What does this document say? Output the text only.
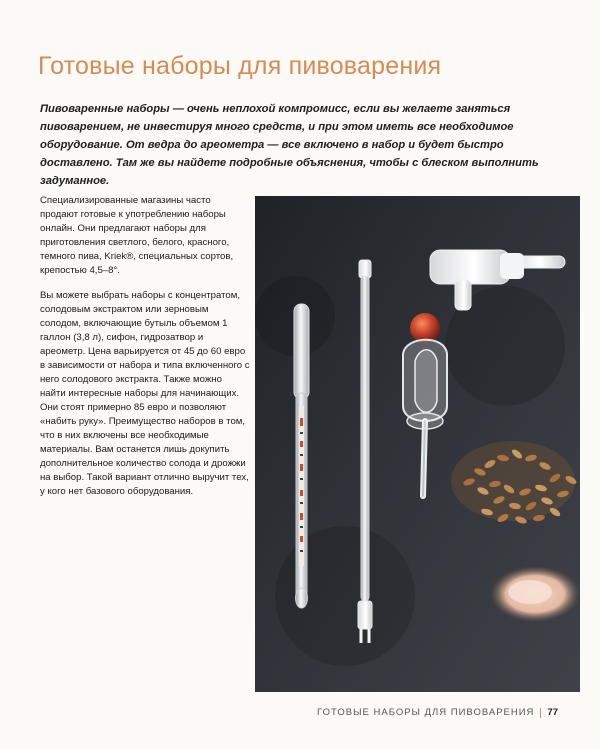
Готовые наборы для пивоварения
Пивоваренные наборы — очень неплохой компромисс, если вы желаете заняться пивоварением, не инвестируя много средств, и при этом иметь все необходимое оборудование. От ведра до ареометра — все включено в набор и будет быстро доставлено. Там же вы найдете подробные объяснения, чтобы с блеском выполнить задуманное.
Специализированные магазины часто продают готовые к употреблению наборы онлайн. Они предлагают наборы для приготовления светлого, белого, красного, темного пива, Kriek®, специальных сортов, крепостью 4,5–8°.
Вы можете выбрать наборы с концентратом, солодовым экстрактом или зерновым солодом, включающие бутыль объемом 1 галлон (3,8 л), сифон, гидрозатвор и ареометр. Цена варьируется от 45 до 60 евро в зависимости от набора и типа включенного с него солодового экстракта. Также можно найти интересные наборы для начинающих. Они стоят примерно 85 евро и позволяют «набить руку». Преимущество наборов в том, что в них включены все необходимые материалы. Вам останется лишь докупить дополнительное количество солода и дрожжи на выбор. Такой вариант отлично выручит тех, у кого нет базового оборудования.
ГОТОВЫЕ НАБОРЫ ДЛЯ ПИВОВАРЕНИЯ 77
